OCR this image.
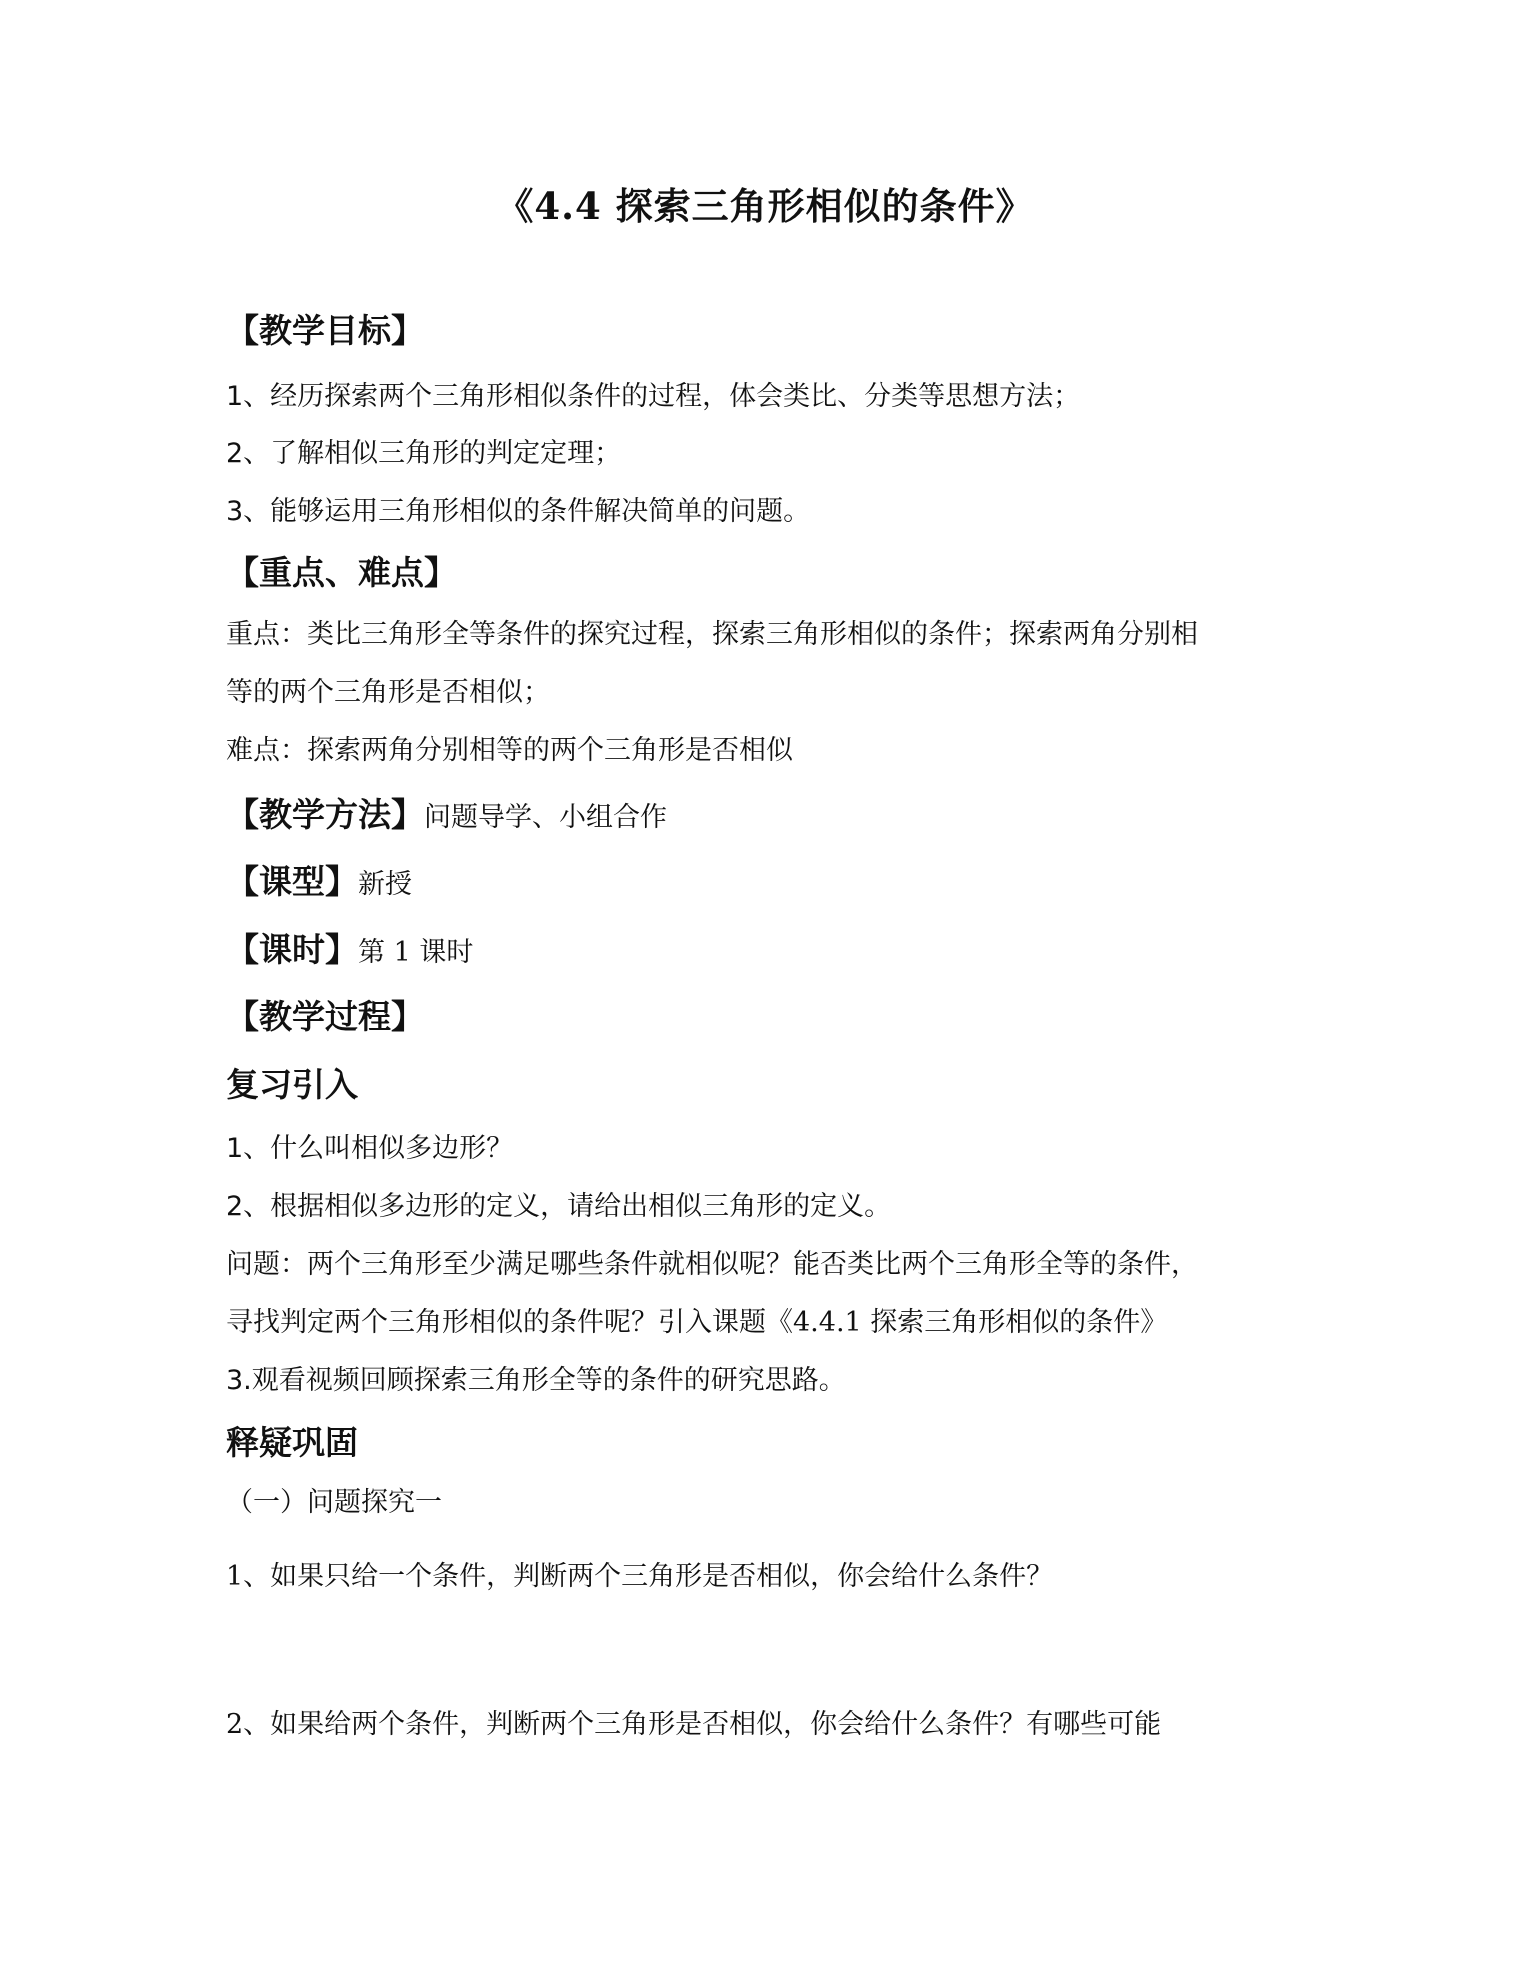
《4.4 探索三角形相似的条件》
【教学目标】
1、经历探索两个三角形相似条件的过程，体会类比、分类等思想方法；
2、了解相似三角形的判定定理；
3、能够运用三角形相似的条件解决简单的问题。
【重点、难点】
重点：类比三角形全等条件的探究过程，探索三角形相似的条件；探索两角分别相
等的两个三角形是否相似；
难点：探索两角分别相等的两个三角形是否相似
【教学方法】问题导学、小组合作
【课型】新授
【课时】第 1 课时
【教学过程】
复习引入
1、什么叫相似多边形？
2、根据相似多边形的定义，请给出相似三角形的定义。
问题：两个三角形至少满足哪些条件就相似呢？能否类比两个三角形全等的条件，
寻找判定两个三角形相似的条件呢？引入课题《4.4.1 探索三角形相似的条件》
3.观看视频回顾探索三角形全等的条件的研究思路。
释疑巩固
（一）问题探究一
1、如果只给一个条件，判断两个三角形是否相似，你会给什么条件？
2、如果给两个条件，判断两个三角形是否相似，你会给什么条件？有哪些可能
